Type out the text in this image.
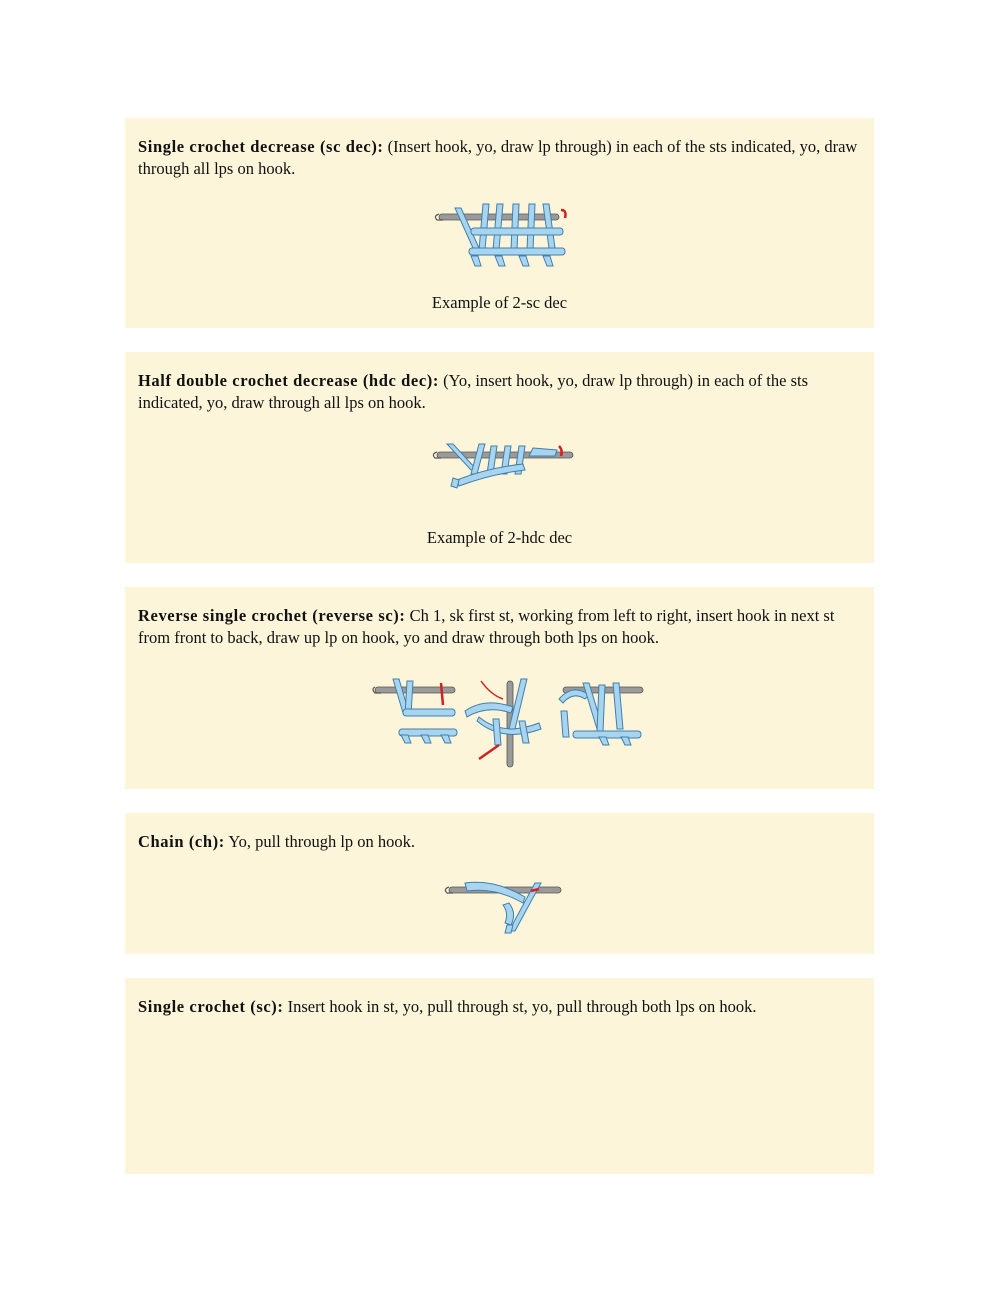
Single crochet decrease (sc dec): (Insert hook, yo, draw lp through) in each of the sts indicated, yo, draw through all lps on hook.

Example of 2-sc dec

Half double crochet decrease (hdc dec): (Yo, insert hook, yo, draw lp through) in each of the sts indicated, yo, draw through all lps on hook.

Example of 2-hdc dec

Reverse single crochet (reverse sc): Ch 1, sk first st, working from left to right, insert hook in next st from front to back, draw up lp on hook, yo and draw through both lps on hook.

Chain (ch): Yo, pull through lp on hook.

Single crochet (sc): Insert hook in st, yo, pull through st, yo, pull through both lps on hook.
